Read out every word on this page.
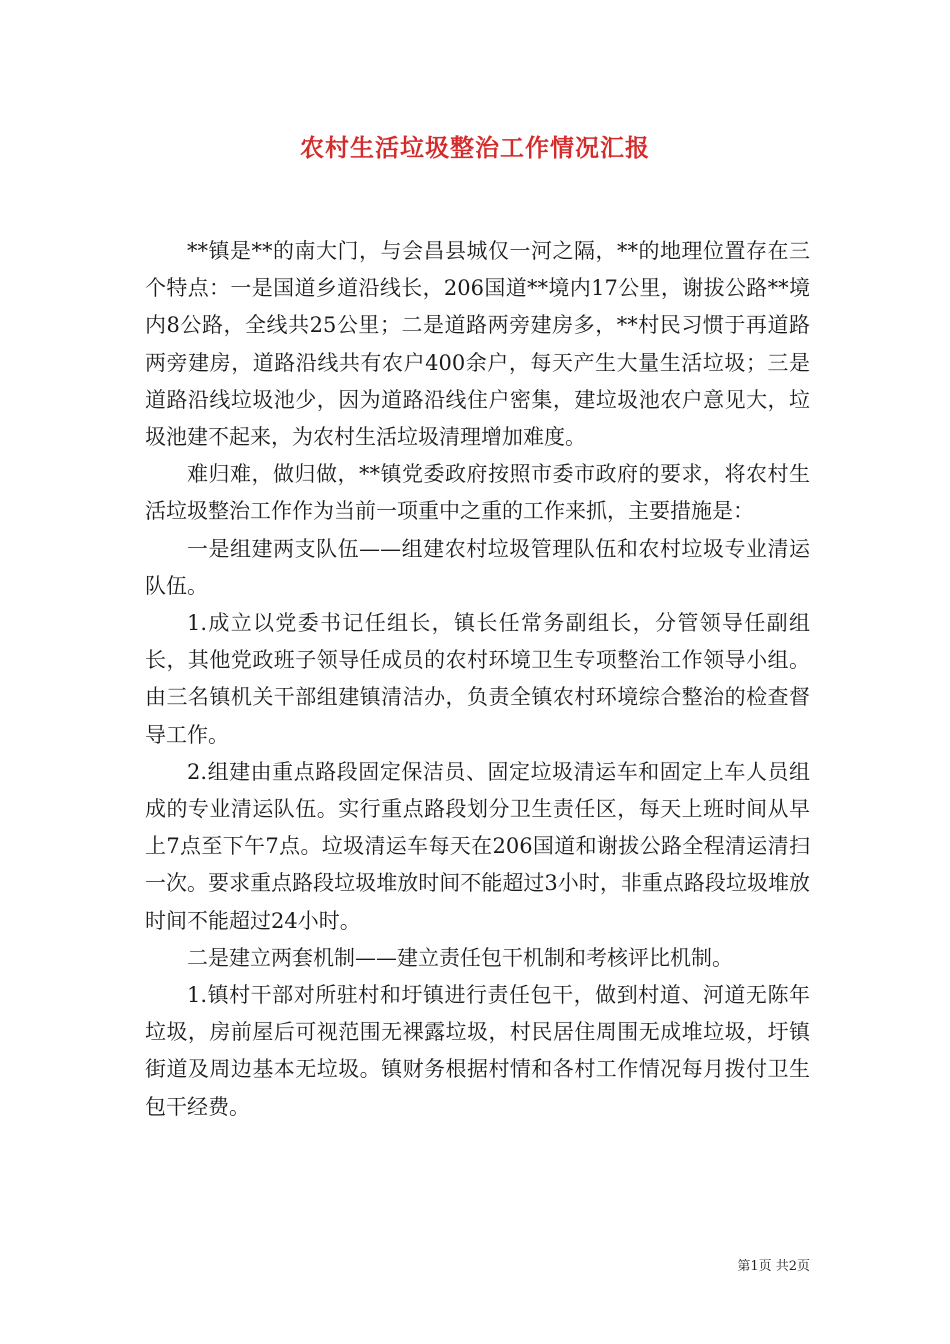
农村生活垃圾整治工作情况汇报

**镇是**的南大门，与会昌县城仅一河之隔，**的地理位置存在三个特点：一是国道乡道沿线长，206国道**境内17公里，谢拔公路**境内8公路，全线共25公里；二是道路两旁建房多，**村民习惯于再道路两旁建房，道路沿线共有农户400余户，每天产生大量生活垃圾；三是道路沿线垃圾池少，因为道路沿线住户密集，建垃圾池农户意见大，垃圾池建不起来，为农村生活垃圾清理增加难度。

难归难，做归做，**镇党委政府按照市委市政府的要求，将农村生活垃圾整治工作作为当前一项重中之重的工作来抓，主要措施是：

一是组建两支队伍——组建农村垃圾管理队伍和农村垃圾专业清运队伍。

1.成立以党委书记任组长，镇长任常务副组长，分管领导任副组长，其他党政班子领导任成员的农村环境卫生专项整治工作领导小组。由三名镇机关干部组建镇清洁办，负责全镇农村环境综合整治的检查督导工作。

2.组建由重点路段固定保洁员、固定垃圾清运车和固定上车人员组成的专业清运队伍。实行重点路段划分卫生责任区，每天上班时间从早上7点至下午7点。垃圾清运车每天在206国道和谢拔公路全程清运清扫一次。要求重点路段垃圾堆放时间不能超过3小时，非重点路段垃圾堆放时间不能超过24小时。

二是建立两套机制——建立责任包干机制和考核评比机制。

1.镇村干部对所驻村和圩镇进行责任包干，做到村道、河道无陈年垃圾，房前屋后可视范围无裸露垃圾，村民居住周围无成堆垃圾，圩镇街道及周边基本无垃圾。镇财务根据村情和各村工作情况每月拨付卫生包干经费。

第1页 共2页
